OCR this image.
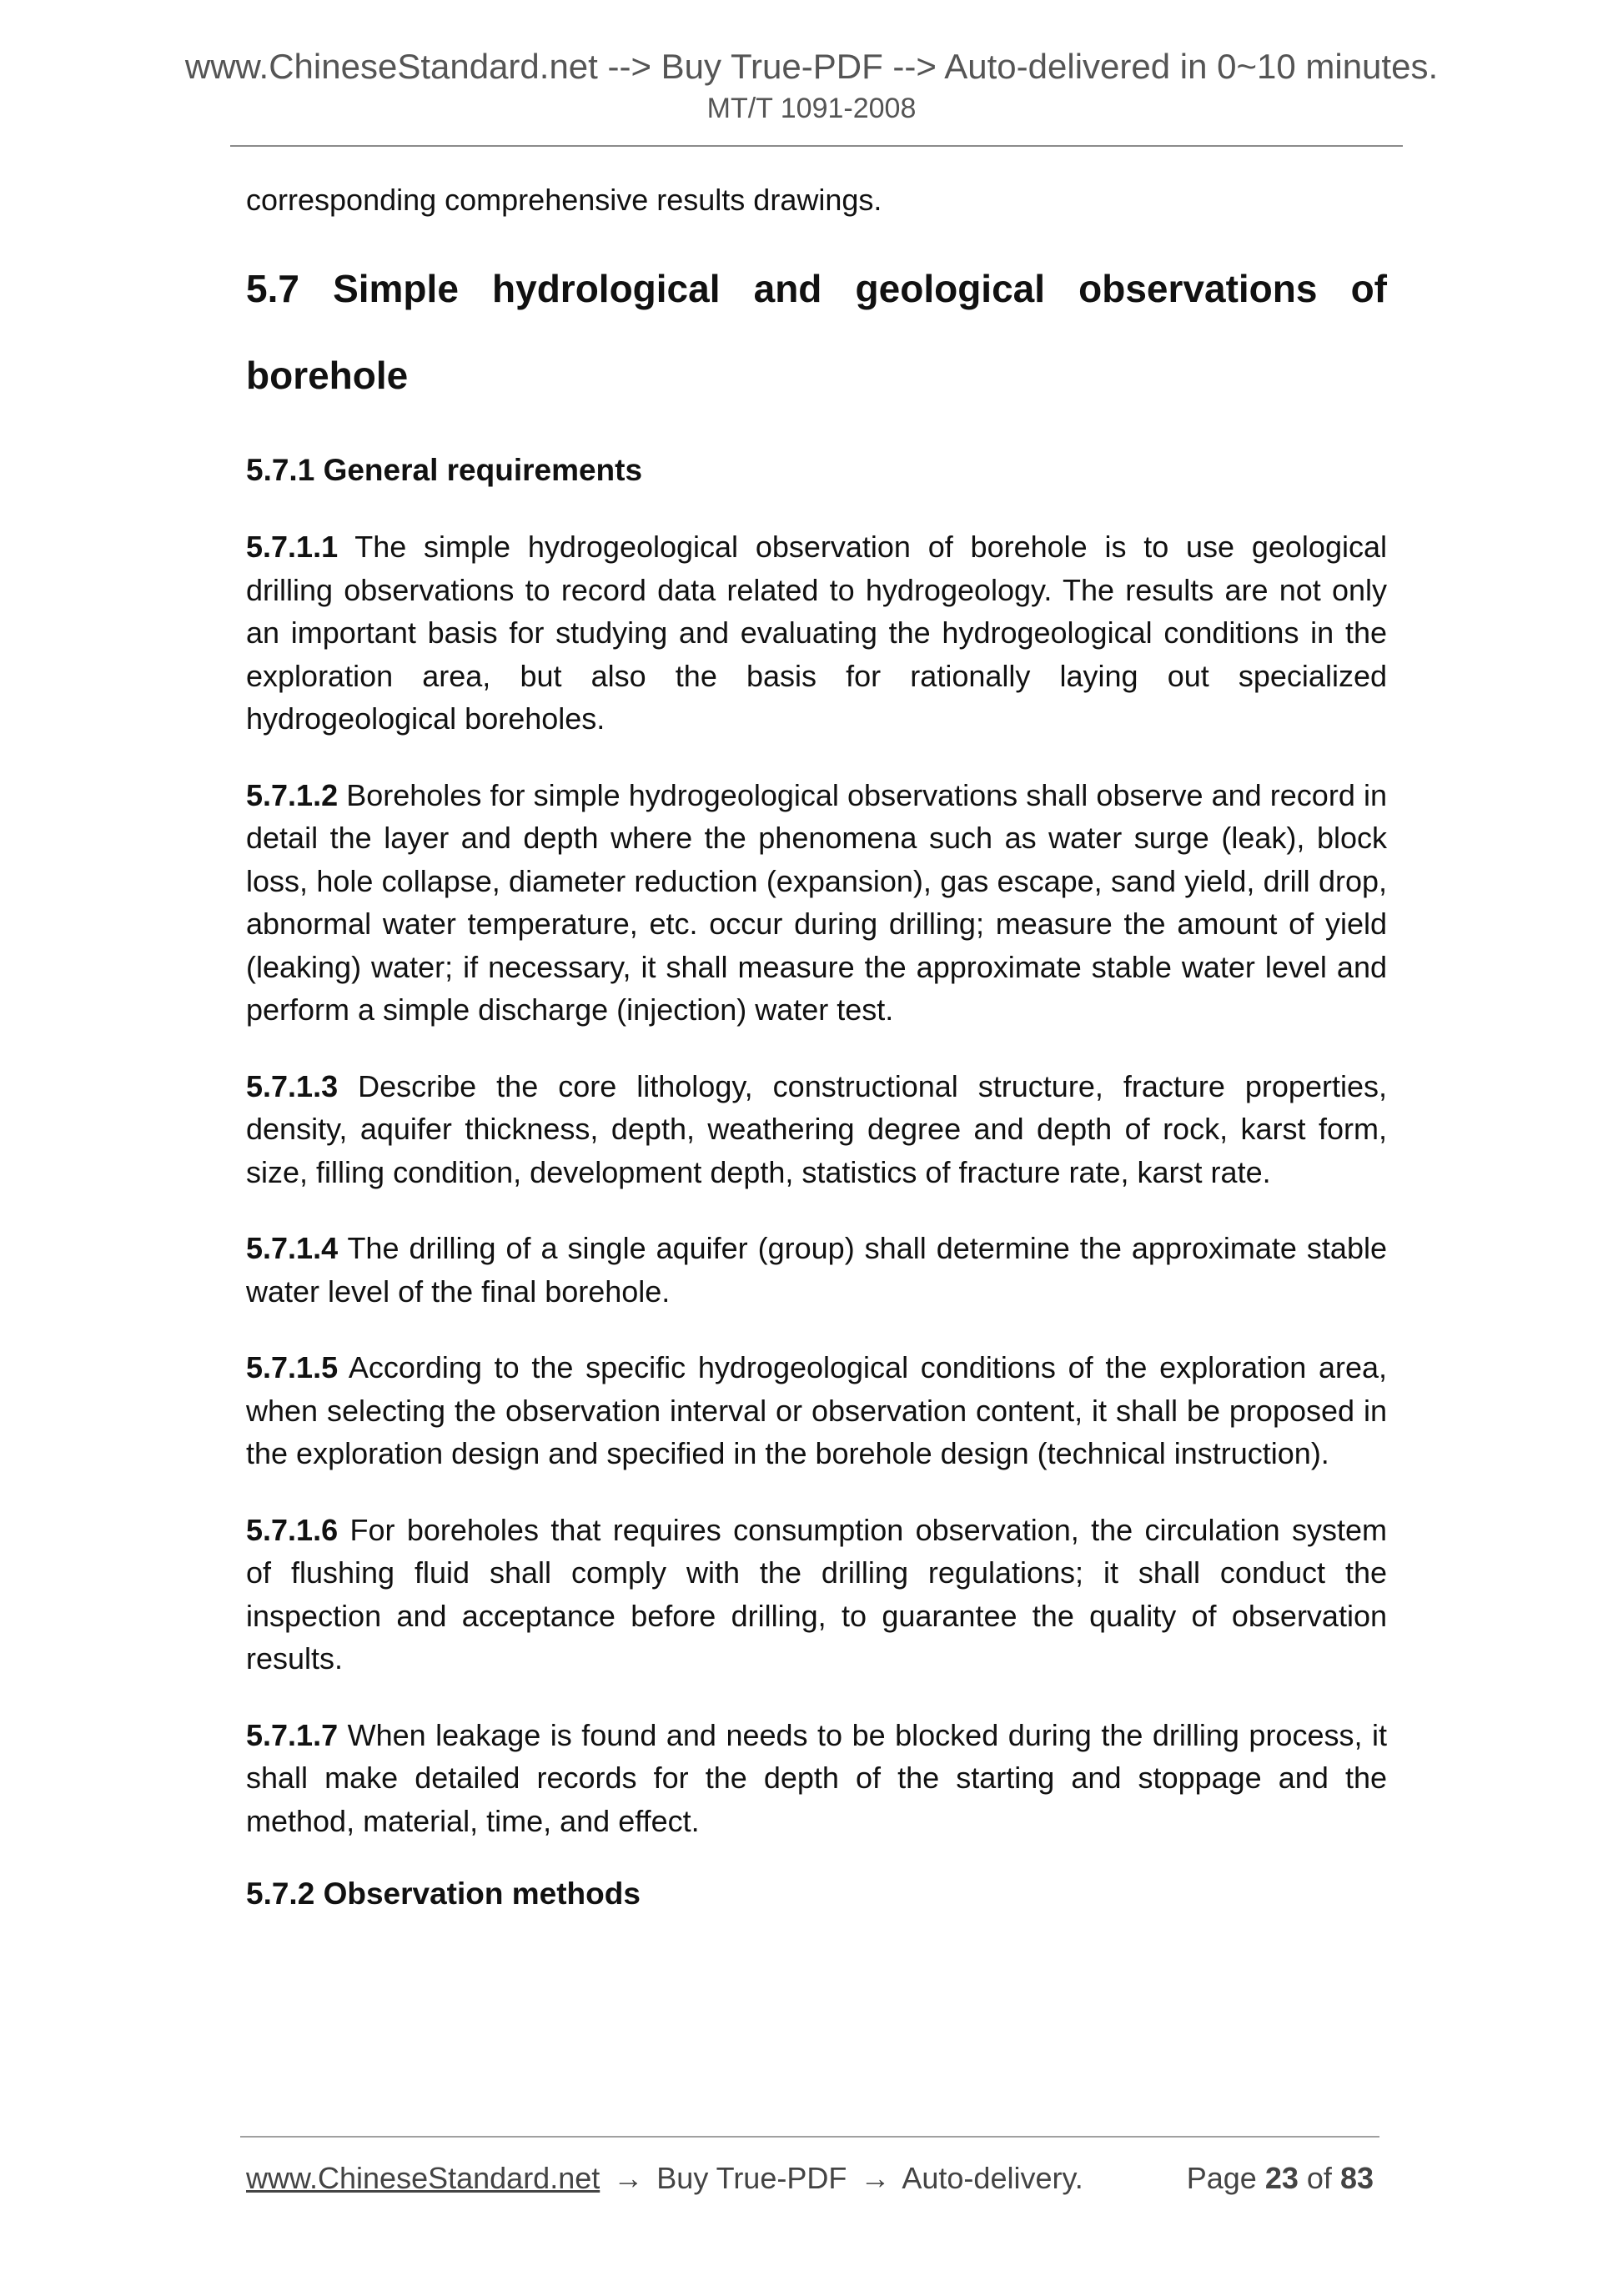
www.ChineseStandard.net --> Buy True-PDF --> Auto-delivered in 0~10 minutes.
MT/T 1091-2008

corresponding comprehensive results drawings.

5.7 Simple hydrological and geological observations of borehole
5.7.1 General requirements

5.7.1.1 The simple hydrogeological observation of borehole is to use geological drilling observations to record data related to hydrogeology. The results are not only an important basis for studying and evaluating the hydrogeological conditions in the exploration area, but also the basis for rationally laying out specialized hydrogeological boreholes.

5.7.1.2 Boreholes for simple hydrogeological observations shall observe and record in detail the layer and depth where the phenomena such as water surge (leak), block loss, hole collapse, diameter reduction (expansion), gas escape, sand yield, drill drop, abnormal water temperature, etc. occur during drilling; measure the amount of yield (leaking) water; if necessary, it shall measure the approximate stable water level and perform a simple discharge (injection) water test.

5.7.1.3 Describe the core lithology, constructional structure, fracture properties, density, aquifer thickness, depth, weathering degree and depth of rock, karst form, size, filling condition, development depth, statistics of fracture rate, karst rate.

5.7.1.4 The drilling of a single aquifer (group) shall determine the approximate stable water level of the final borehole.

5.7.1.5 According to the specific hydrogeological conditions of the exploration area, when selecting the observation interval or observation content, it shall be proposed in the exploration design and specified in the borehole design (technical instruction).

5.7.1.6 For boreholes that requires consumption observation, the circulation system of flushing fluid shall comply with the drilling regulations; it shall conduct the inspection and acceptance before drilling, to guarantee the quality of observation results.

5.7.1.7 When leakage is found and needs to be blocked during the drilling process, it shall make detailed records for the depth of the starting and stoppage and the method, material, time, and effect.

5.7.2 Observation methods
www.ChineseStandard.net → Buy True-PDF → Auto-delivery.	Page 23 of 83
